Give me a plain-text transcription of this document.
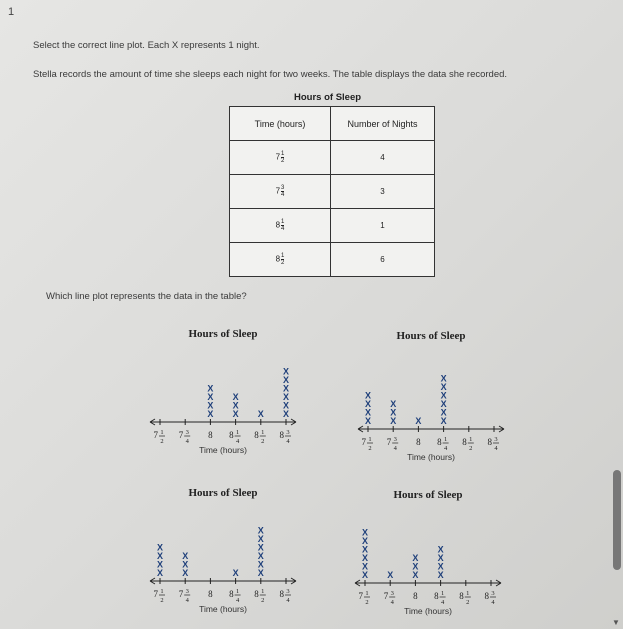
1
Select the correct line plot. Each X represents 1 night.
Stella records the amount of time she sleeps each night for two weeks. The table displays the data she recorded.
Hours of Sleep
Time (hours)	Number of Nights
$7 \frac{1}{2}$	4
$7 \frac{3}{4}$	3
$8 \frac{1}{4}$	1
$8 \frac{1}{2}$	6
Which line plot represents the data in the table?
Hours of Sleep
7 1
2
7 3
4
8
X
X
X
X
8 1
4
X
X
X
8 1
2
X
8 3
4
X
X
X
X
X
X
Time (hours)
Hours of Sleep
7 1
2
X
X
X
X
7 3
4
X
X
X
8
X
8 1
4
X
X
X
X
X
X
8 1
2
8 3
4
Time (hours)
Hours of Sleep
7 1
2
X
X
X
X
7 3
4
X
X
X
8 8 1
4
X
8 1
2
X
X
X
X
X
X
8 3
4
Time (hours)
Hours of Sleep
7 1
2
X
X
X
X
X
X
7 3
4
X
8
X
X
X
8 1
4
X
X
X
X
8 1
2
8 3
4
Time (hours)
▼
